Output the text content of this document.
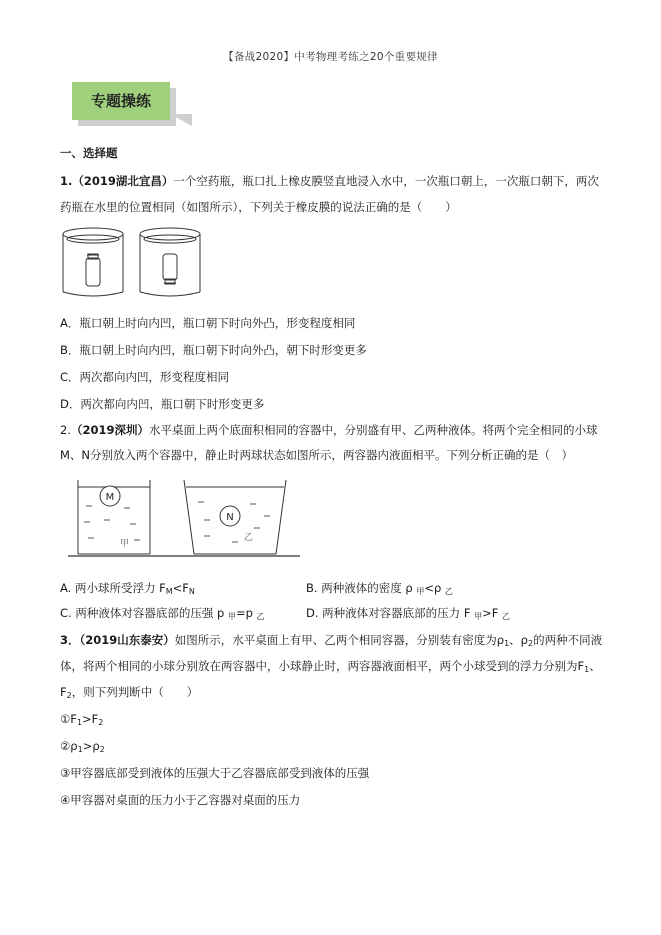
【备战2020】中考物理考练之20个重要规律
专题操练
一、选择题
1.（2019湖北宜昌）一个空药瓶，瓶口扎上橡皮膜竖直地浸入水中，一次瓶口朝上，一次瓶口朝下，两次
药瓶在水里的位置相同（如图所示），下列关于橡皮膜的说法正确的是（　　）
A．瓶口朝上时向内凹，瓶口朝下时向外凸，形变程度相同
B．瓶口朝上时向内凹，瓶口朝下时向外凸，朝下时形变更多
C．两次都向内凹，形变程度相同
D．两次都向内凹，瓶口朝下时形变更多
2.（2019深圳）水平桌面上两个底面积相同的容器中，分别盛有甲、乙两种液体。将两个完全相同的小球
M、N分别放入两个容器中，静止时两球状态如图所示，两容器内液面相平。下列分析正确的是（　）
M
N
甲
乙
A. 两小球所受浮力 $F_M<F_N$	B. 两种液体的密度 ρ $_甲$<ρ $_乙$
C. 两种液体对容器底部的压强 p $_甲$=p $_乙$	D. 两种液体对容器底部的压力 F $_甲$>F $_乙$
3．（2019山东泰安）如图所示，水平桌面上有甲、乙两个相同容器，分别装有密度为$\rho_1$、$\rho_2$的两种不同液
体，将两个相同的小球分别放在两容器中，小球静止时，两容器液面相平，两个小球受到的浮力分别为$F_1$、
$F_2$，则下列判断中（　　）
$①F_1>F_2$
$②\rho_1>\rho_2$
③甲容器底部受到液体的压强大于乙容器底部受到液体的压强
④甲容器对桌面的压力小于乙容器对桌面的压力
